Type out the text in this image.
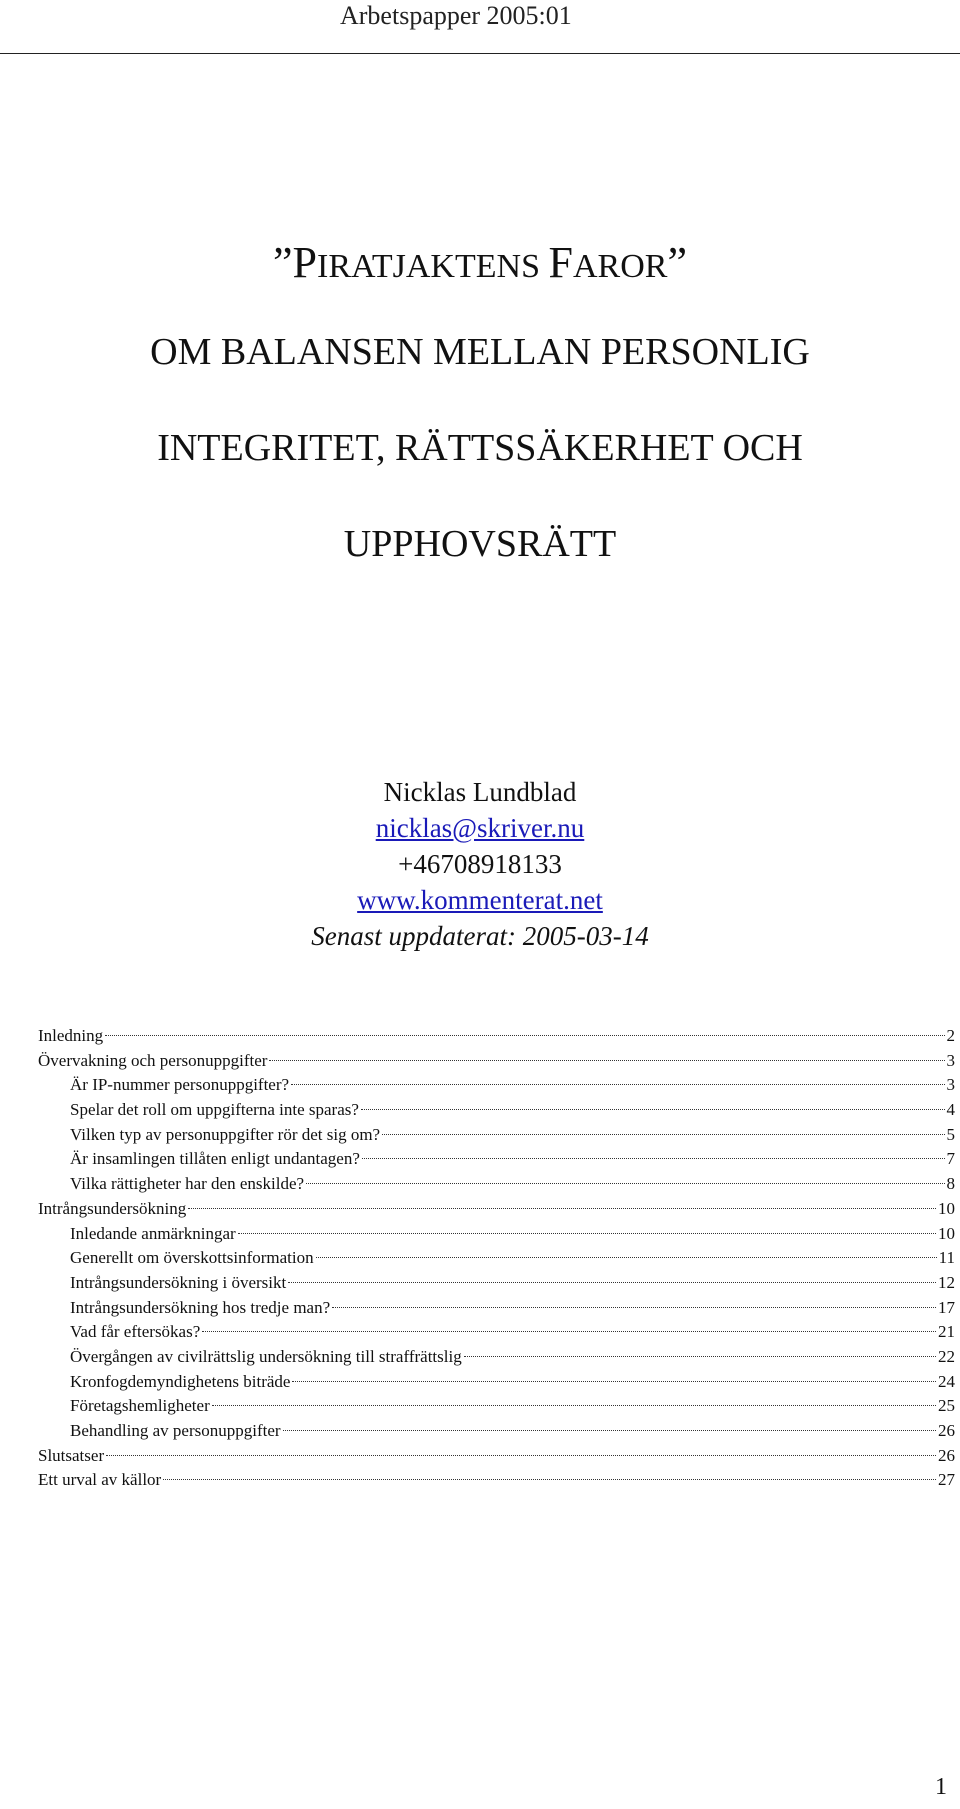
Arbetspapper 2005:01
”PIRATJAKTENS FAROR”
OM BALANSEN MELLAN PERSONLIG
INTEGRITET, RÄTTSSÄKERHET OCH
UPPHOVSRÄTT
Nicklas Lundblad
nicklas@skriver.nu
+46708918133
www.kommenterat.net
Senast uppdaterat: 2005-03-14
Inledning	2
Övervakning och personuppgifter	3
Är IP-nummer personuppgifter?	3
Spelar det roll om uppgifterna inte sparas?	4
Vilken typ av personuppgifter rör det sig om?	5
Är insamlingen tillåten enligt undantagen?	7
Vilka rättigheter har den enskilde?	8
Intrångsundersökning	10
Inledande anmärkningar	10
Generellt om överskottsinformation	11
Intrångsundersökning i översikt	12
Intrångsundersökning hos tredje man?	17
Vad får eftersökas?	21
Övergången av civilrättslig undersökning till straffrättslig	22
Kronfogdemyndighetens biträde	24
Företagshemligheter	25
Behandling av personuppgifter	26
Slutsatser	26
Ett urval av källor	27
1
